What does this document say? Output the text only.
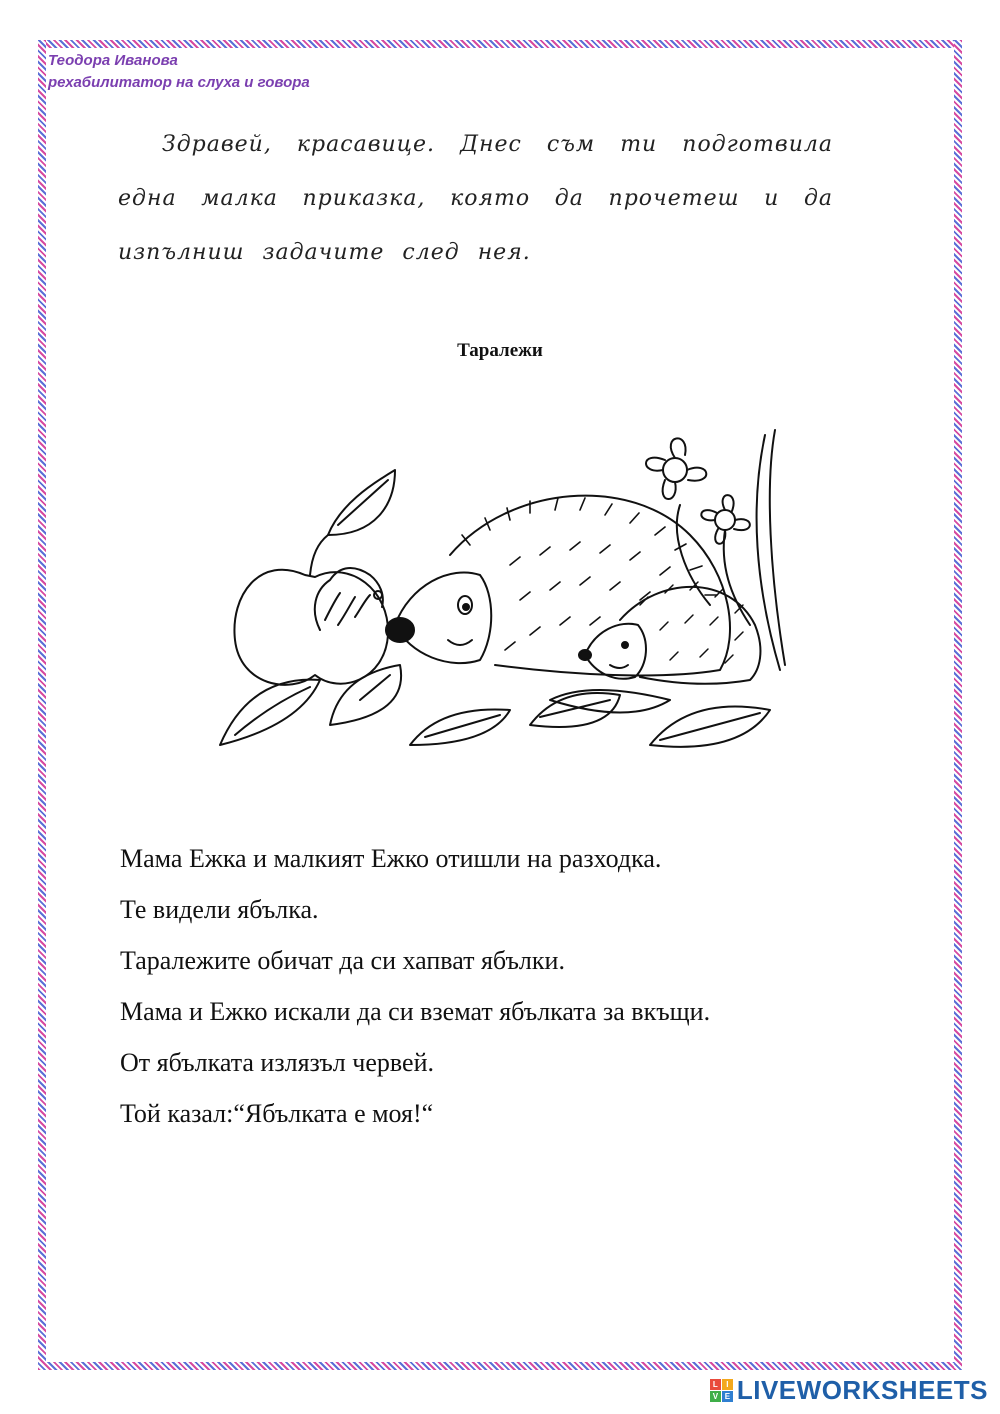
Теодора Иванова
рехабилитатор на слуха и говора
Здравей, красавице. Днес съм ти подготвила една малка приказка, която да прочетеш и да изпълниш задачите след нея.
Таралежи
Мама Ежка и малкият Ежко отишли на разходка.
Те видели ябълка.
Таралежите обичат да си хапват ябълки.
Мама и Ежко искали да си вземат ябълката за вкъщи.
От ябълката излязъл червей.
Той казал:“Ябълката е моя!“
L	I
V E LIVEWORKSHEETS
